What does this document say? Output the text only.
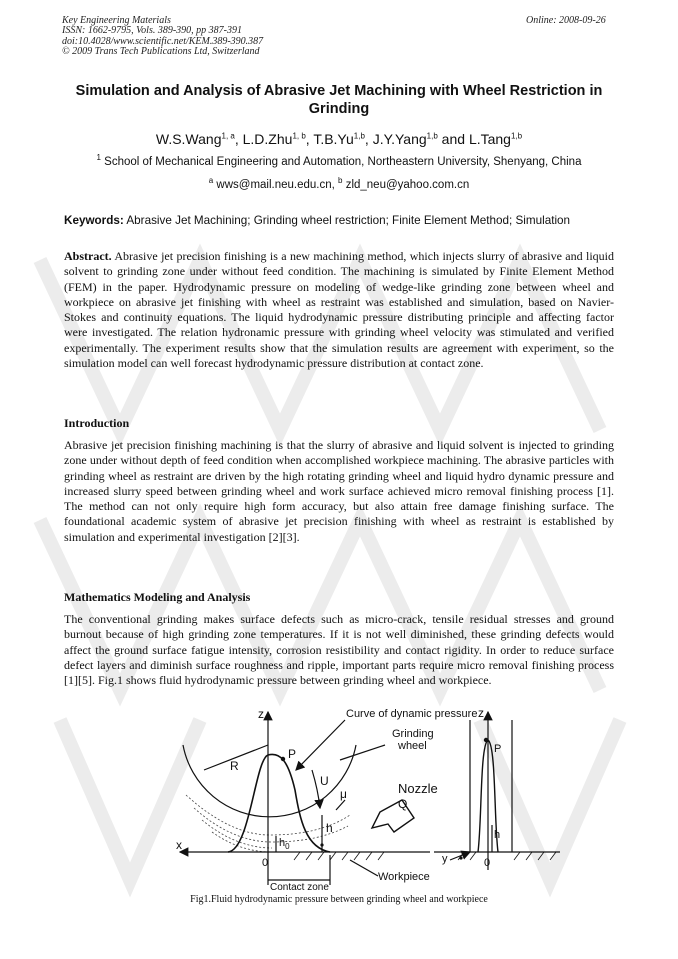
Key Engineering Materials
ISSN: 1662-9795, Vols. 389-390, pp 387-391
doi:10.4028/www.scientific.net/KEM.389-390.387
© 2009 Trans Tech Publications Ltd, Switzerland
Online: 2008-09-26
Simulation and Analysis of Abrasive Jet Machining with Wheel Restriction in Grinding
W.S.Wang$^{1, a}$, L.D.Zhu$^{1, b}$, T.B.Yu$^{1,b}$, J.Y.Yang$^{1,b}$ and L.Tang$^{1,b}$
$^1$ School of Mechanical Engineering and Automation, Northeastern University, Shenyang, China
$^a$ wws@mail.neu.edu.cn, $^b$ zld_neu@yahoo.com.cn
Keywords: Abrasive Jet Machining; Grinding wheel restriction; Finite Element Method; Simulation
Abstract. Abrasive jet precision finishing is a new machining method, which injects slurry of abrasive and liquid solvent to grinding zone under without feed condition. The machining is simulated by Finite Element Method (FEM) in the paper. Hydrodynamic pressure on modeling of wedge-like grinding zone between wheel and workpiece on abrasive jet finishing with wheel as restraint was established and simulation, based on Navier-Stokes and continuity equations. The liquid hydrodynamic pressure distributing principle and affecting factor were investigated. The relation hydronamic pressure with grinding wheel velocity was stimulated and verified experimentally. The experiment results show that the simulation results are agreement with experiment, so the simulation model can well forecast hydrodynamic pressure distribution at contact zone.
Introduction
Abrasive jet precision finishing machining is that the slurry of abrasive and liquid solvent is injected to grinding zone under without depth of feed condition when accomplished workpiece machining. The abrasive particles with grinding wheel as restraint are driven by the high rotating grinding wheel and liquid hydro dynamic pressure and increased slurry speed between grinding wheel and work surface achieved micro removal finishing process [1]. The method can not only require high form accuracy, but also attain free damage finishing surface. The foundational academic system of abrasive jet precision finishing with wheel as restraint is established by simulation and experimental investigation [2][3].
Mathematics Modeling and Analysis
The conventional grinding makes surface defects such as micro-crack, tensile residual stresses and ground burnout because of high grinding zone temperatures. If it is not well diminished, these grinding defects would affect the ground surface fatigue intensity, corrosion resistibility and contact rigidity. In order to reduce surface defect layers and diminish surface roughness and ripple, important parts require micro removal finishing process [1][5]. Fig.1 shows fluid hydrodynamic pressure between grinding wheel and workpiece.
Curve of dynamic pressure
Grinding
wheel
Nozzle
Q
R
P
U
μ
h
$h_0$
z
x
0
Contact zone
Workpiece
z
P
h
y	0
Fig1.Fluid hydrodynamic pressure between grinding wheel and workpiece
